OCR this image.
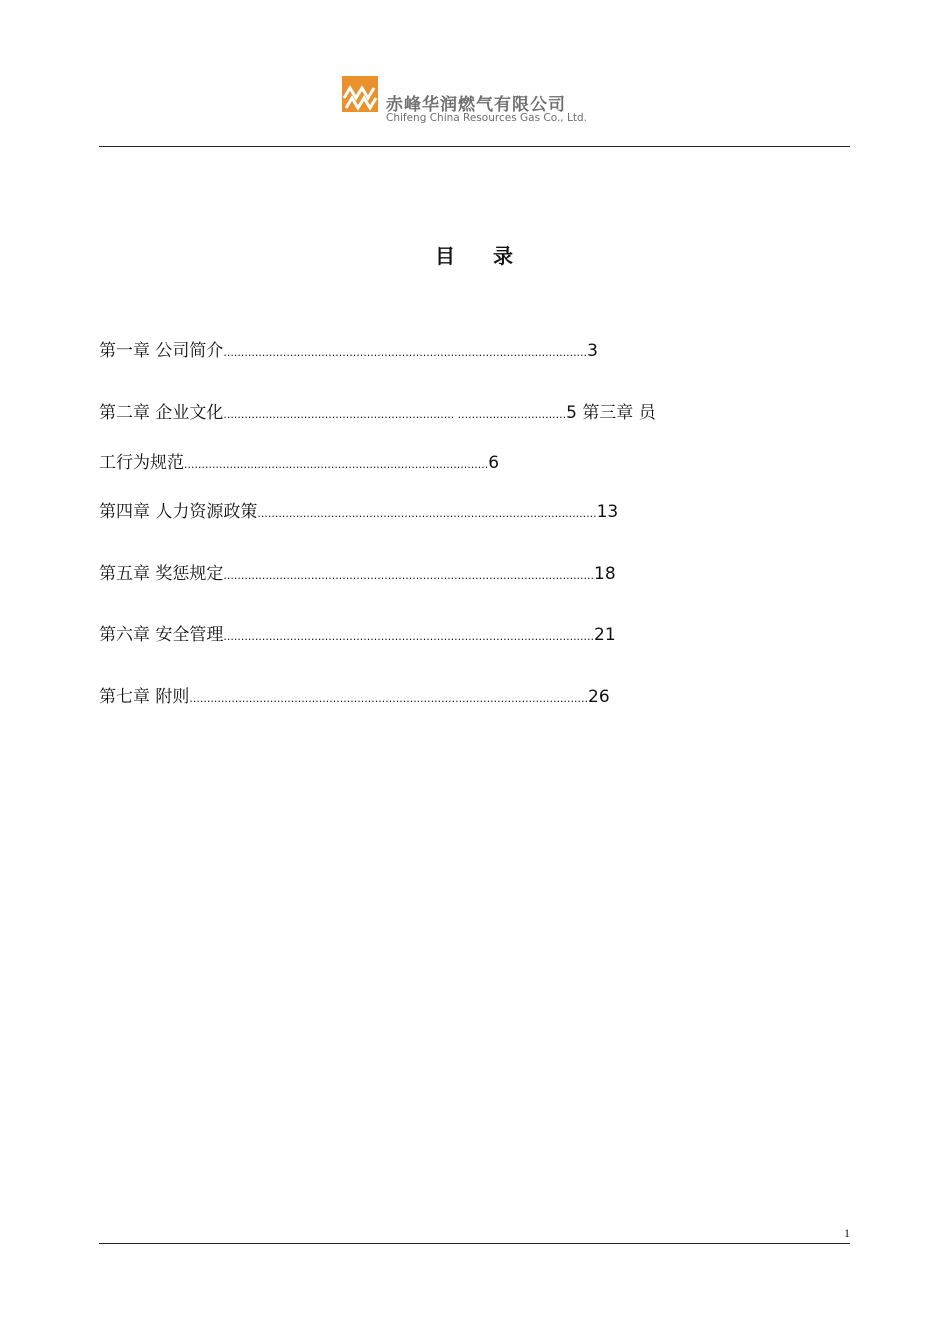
赤峰华润燃气有限公司
Chifeng China Resources Gas Co., Ltd.
目 录
第一章 公司简介........................................................................................................3
第二章 企业文化.................................................................. ...............................5 第三章 员
工行为规范.......................................................................................6
第四章 人力资源政策.................................................................................................13
第五章 奖惩规定..........................................................................................................18
第六章 安全管理..........................................................................................................21
第七章 附则..................................................................................................................26
1
